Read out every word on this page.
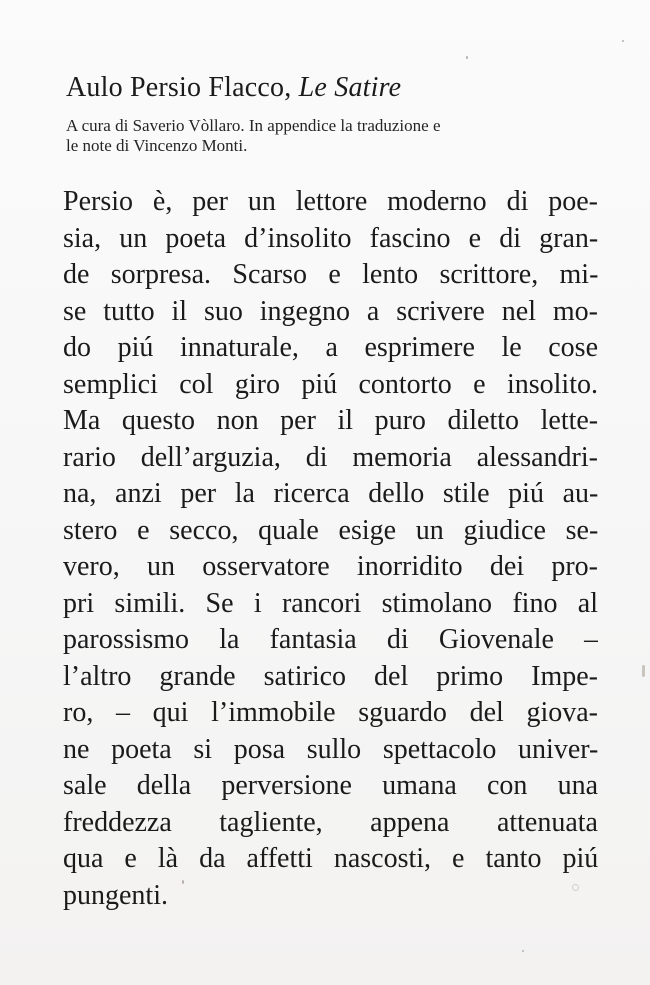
Aulo Persio Flacco, Le Satire
A cura di Saverio Vòllaro. In appendice la traduzione e
le note di Vincenzo Monti.
Persio è, per un lettore moderno di poe-
sia, un poeta d’insolito fascino e di gran-
de sorpresa. Scarso e lento scrittore, mi-
se tutto il suo ingegno a scrivere nel mo-
do piú innaturale, a esprimere le cose
semplici col giro piú contorto e insolito.
Ma questo non per il puro diletto lette-
rario dell’arguzia, di memoria alessandri-
na, anzi per la ricerca dello stile piú au-
stero e secco, quale esige un giudice se-
vero, un osservatore inorridito dei pro-
pri simili. Se i rancori stimolano fino al
parossismo la fantasia di Giovenale –
l’altro grande satirico del primo Impe-
ro, – qui l’immobile sguardo del giova-
ne poeta si posa sullo spettacolo univer-
sale della perversione umana con una
freddezza tagliente, appena attenuata
qua e là da affetti nascosti, e tanto piú
pungenti.
